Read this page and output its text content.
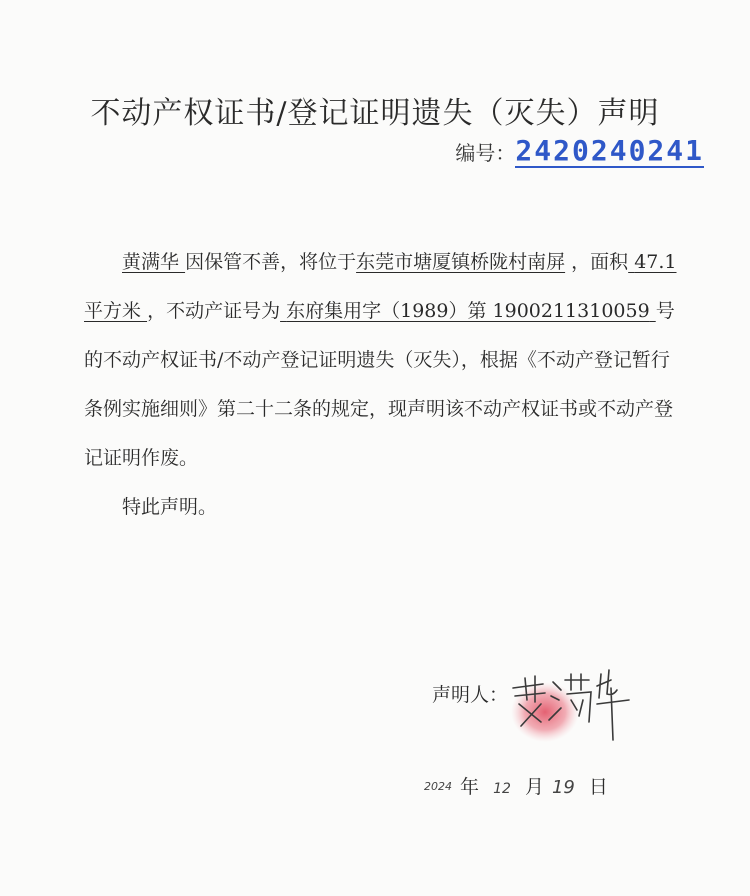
不动产权证书/登记证明遗失（灭失）声明
编号： 2420240241

黄满华 因保管不善，将位于东莞市塘厦镇桥陇村南屏 ，面积 47.1 平方米 ，不动产证号为 东府集用字（1989）第 1900211310059 号的不动产权证书/不动产登记证明遗失（灭失），根据《不动产登记暂行条例实施细则》第二十二条的规定，现声明该不动产权证书或不动产登记证明作废。

特此声明。

声明人：
2024 年 12 月 19 日
